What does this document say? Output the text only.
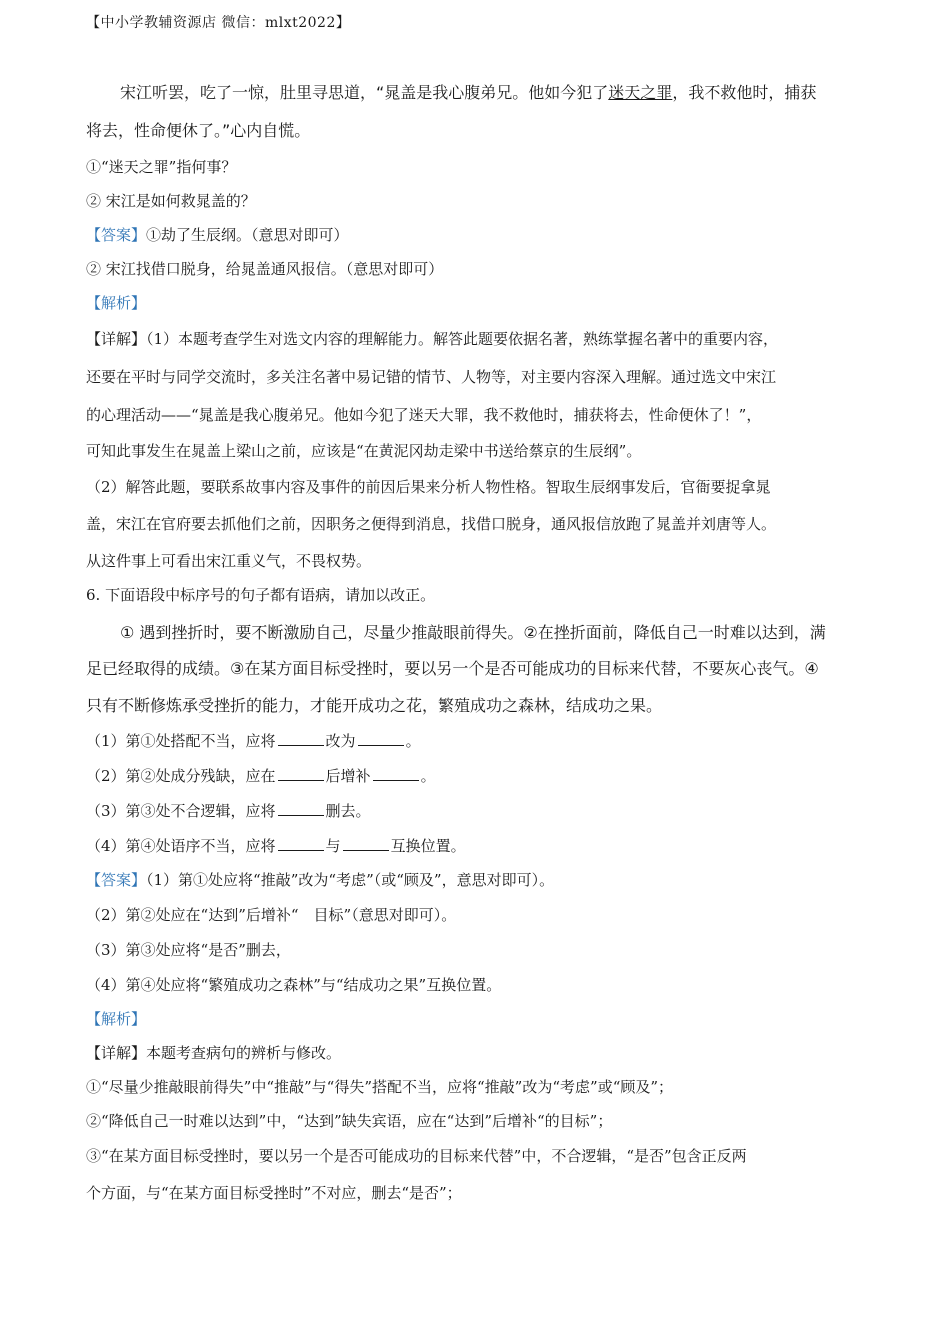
【中小学教辅资源店 微信：mlxt2022】
宋江听罢，吃了一惊，肚里寻思道，“晁盖是我心腹弟兄。他如今犯了迷天之罪，我不救他时，捕获
将去，性命便休了。”心内自慌。
①“迷天之罪”指何事？
② 宋江是如何救晁盖的？
【答案】①劫了生辰纲。（意思对即可）
② 宋江找借口脱身，给晁盖通风报信。（意思对即可）
【解析】
【详解】（1）本题考查学生对选文内容的理解能力。解答此题要依据名著，熟练掌握名著中的重要内容，
还要在平时与同学交流时，多关注名著中易记错的情节、人物等，对主要内容深入理解。通过选文中宋江
的心理活动——“晁盖是我心腹弟兄。他如今犯了迷天大罪，我不救他时，捕获将去，性命便休了！”，
可知此事发生在晁盖上梁山之前，应该是“在黄泥冈劫走梁中书送给蔡京的生辰纲”。
（2）解答此题，要联系故事内容及事件的前因后果来分析人物性格。智取生辰纲事发后，官衙要捉拿晁
盖，宋江在官府要去抓他们之前，因职务之便得到消息，找借口脱身，通风报信放跑了晁盖并刘唐等人。
从这件事上可看出宋江重义气，不畏权势。
6. 下面语段中标序号的句子都有语病，请加以改正。
① 遇到挫折时，要不断激励自己，尽量少推敲眼前得失。②在挫折面前，降低自己一时难以达到，满
足已经取得的成绩。③在某方面目标受挫时，要以另一个是否可能成功的目标来代替，不要灰心丧气。④
只有不断修炼承受挫折的能力，才能开成功之花，繁殖成功之森林，结成功之果。
（1）第①处搭配不当，应将	改为	。
（2）第②处成分残缺，应在	后增补	。
（3）第③处不合逻辑，应将	删去。
（4）第④处语序不当，应将	与	互换位置。
【答案】（1）第①处应将“推敲”改为“考虑”（或“顾及”，意思对即可）。
（2）第②处应在“达到”后增补“　目标”（意思对即可）。
（3）第③处应将“是否”删去，
（4）第④处应将“繁殖成功之森林”与“结成功之果”互换位置。
【解析】
【详解】本题考查病句的辨析与修改。
①“尽量少推敲眼前得失”中“推敲”与“得失”搭配不当，应将“推敲”改为“考虑”或“顾及”；
②“降低自己一时难以达到”中，“达到”缺失宾语，应在“达到”后增补“的目标”；
③“在某方面目标受挫时，要以另一个是否可能成功的目标来代替”中，不合逻辑，“是否”包含正反两
个方面，与“在某方面目标受挫时”不对应，删去“是否”；
